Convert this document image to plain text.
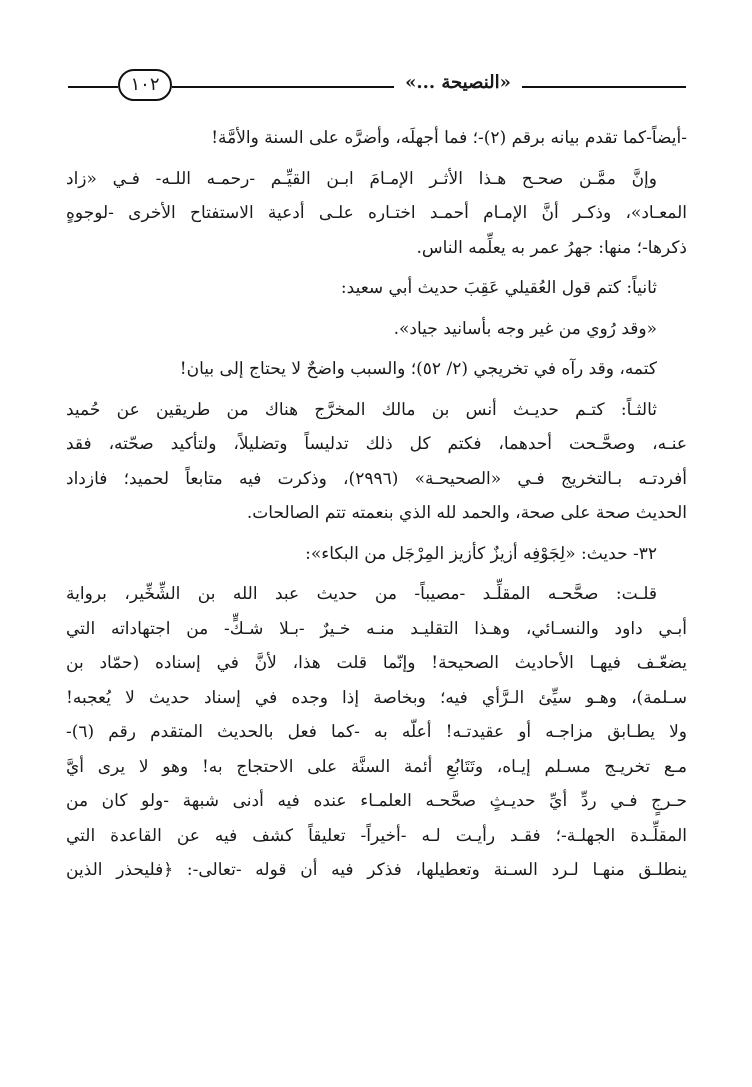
١٠٢	«النصيحة ...»
-أيضاً-كما تقدم بيانه برقم (٢)-؛ فما أجهلَه، وأضرَّه على السنة والأمَّة!
وإنَّ ممَّـن صحـح هـذا الأثـر الإمـامَ ابـن القيِّـم -رحمـه اللـه- فـي «زاد
المعـاد»، وذكـر أنَّ الإمـام أحمـد اختـاره علـى أدعية الاستفتاح الأخرى -لوجوهٍ
ذكرها-؛ منها: جهرُ عمر به يعلِّمه الناس.
ثانياً: كتم قول العُقيلي عَقِبَ حديث أبي سعيد:
«وقد رُوي من غير وجه بأسانيد جياد».
كتمه، وقد رآه في تخريجي (٢/ ٥٢)؛ والسبب واضحٌ لا يحتاج إلى بيان!
ثالثـاً: كتـم حديـث أنس بن مالك المخرَّج هناك من طريقين عن حُميد
عنـه، وصحَّـحت أحدهما، فكتم كل ذلك تدليساً وتضليلاً، ولتأكيد صحّته، فقد
أفردتـه بـالتخريج فـي «الصحيحـة» (٢٩٩٦)، وذكرت فيه متابعاً لحميد؛ فازداد
الحديث صحة على صحة، والحمد لله الذي بنعمته تتم الصالحات.
٣٢- حديث: «لِجَوْفِه أزيزٌ كأزيز المِرْجَل من البكاء»:
قلـت: صحَّحـه المقلِّـد -مصيباً- من حديث عبد الله بن الشِّخِّير، برواية
أبـي داود والنسـائي، وهـذا التقليـد منـه خـيرٌ -بـلا شـكٍّ- من اجتهاداته التي
يضعّـف فيهـا الأحاديث الصحيحة! وإنّما قلت هذا، لأنَّ في إسناده (حمّاد بن
سـلمة)، وهـو سيِّئ الـرَّأي فيه؛ وبخاصة إذا وجده في إسناد حديث لا يُعجبه!
ولا يطـابق مزاجـه أو عقيدتـه! أعلّه به -كما فعل بالحديث المتقدم رقم (٦)-
مـع تخريـج مسـلم إيـاه، وتَتَابُعِ أئمة السنَّة على الاحتجاج به! وهو لا يرى أيَّ
حـرجٍ فـي ردِّ أيِّ حديـثٍ صحَّحـه العلمـاء عنده فيه أدنى شبهة -ولو كان من
المقلِّـدة الجهلـة-؛ فقـد رأيـت لـه -أخيراً- تعليقاً كشف فيه عن القاعدة التي
ينطلـق منهـا لـرد السـنة وتعطيلها، فذكر فيه أن قوله -تعالى-: ﴿فليحذر الذين
